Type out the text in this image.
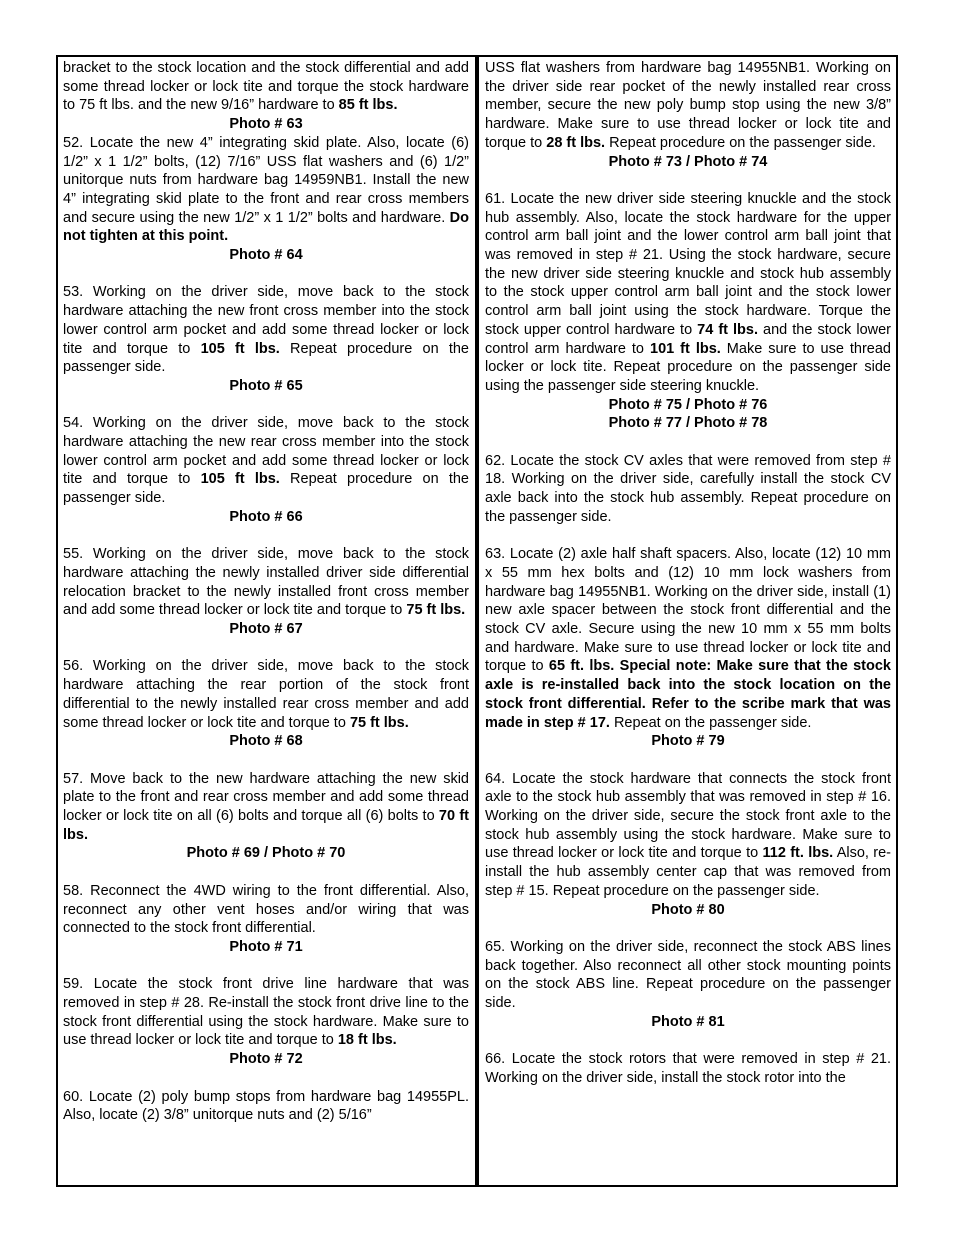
bracket to the stock location and the stock differential and add some thread locker or lock tite and torque the stock hardware to 75 ft lbs. and the new 9/16” hardware to 85 ft lbs.

Photo # 63

52. Locate the new 4” integrating skid plate. Also, locate (6) 1/2” x 1 1/2” bolts, (12) 7/16” USS flat washers and (6) 1/2” unitorque nuts from hardware bag 14959NB1. Install the new 4” integrating skid plate to the front and rear cross members and secure using the new 1/2” x 1 1/2” bolts and hardware. Do not tighten at this point.

Photo # 64

53. Working on the driver side, move back to the stock hardware attaching the new front cross member into the stock lower control arm pocket and add some thread locker or lock tite and torque to 105 ft lbs. Repeat procedure on the passenger side.

Photo # 65

54. Working on the driver side, move back to the stock hardware attaching the new rear cross member into the stock lower control arm pocket and add some thread locker or lock tite and torque to 105 ft lbs. Repeat procedure on the passenger side.

Photo # 66

55. Working on the driver side, move back to the stock hardware attaching the newly installed driver side differential relocation bracket to the newly installed front cross member and add some thread locker or lock tite and torque to 75 ft lbs.

Photo # 67

56. Working on the driver side, move back to the stock hardware attaching the rear portion of the stock front differential to the newly installed rear cross member and add some thread locker or lock tite and torque to 75 ft lbs.

Photo # 68

57. Move back to the new hardware attaching the new skid plate to the front and rear cross member and add some thread locker or lock tite on all (6) bolts and torque all (6) bolts to 70 ft lbs.

Photo # 69 / Photo # 70

58. Reconnect the 4WD wiring to the front differential. Also, reconnect any other vent hoses and/or wiring that was connected to the stock front differential.

Photo # 71

59. Locate the stock front drive line hardware that was removed in step # 28. Re-install the stock front drive line to the stock front differential using the stock hardware. Make sure to use thread locker or lock tite and torque to 18 ft lbs.

Photo # 72

60. Locate (2) poly bump stops from hardware bag 14955PL. Also, locate (2) 3/8” unitorque nuts and (2) 5/16”

USS flat washers from hardware bag 14955NB1. Working on the driver side rear pocket of the newly installed rear cross member, secure the new poly bump stop using the new 3/8” hardware. Make sure to use thread locker or lock tite and torque to 28 ft lbs. Repeat procedure on the passenger side.

Photo # 73 / Photo # 74

61. Locate the new driver side steering knuckle and the stock hub assembly. Also, locate the stock hardware for the upper control arm ball joint and the lower control arm ball joint that was removed in step # 21. Using the stock hardware, secure the new driver side steering knuckle and stock hub assembly to the stock upper control arm ball joint and the stock lower control arm ball joint using the stock hardware. Torque the stock upper control hardware to 74 ft lbs. and the stock lower control arm hardware to 101 ft lbs. Make sure to use thread locker or lock tite. Repeat procedure on the passenger side using the passenger side steering knuckle.

Photo # 75 / Photo # 76

Photo # 77 / Photo # 78

62. Locate the stock CV axles that were removed from step # 18. Working on the driver side, carefully install the stock CV axle back into the stock hub assembly. Repeat procedure on the passenger side.

63. Locate (2) axle half shaft spacers. Also, locate (12) 10 mm x 55 mm hex bolts and (12) 10 mm lock washers from hardware bag 14955NB1. Working on the driver side, install (1) new axle spacer between the stock front differential and the stock CV axle. Secure using the new 10 mm x 55 mm bolts and hardware. Make sure to use thread locker or lock tite and torque to 65 ft. lbs. Special note: Make sure that the stock axle is re-installed back into the stock location on the stock front differential. Refer to the scribe mark that was made in step # 17. Repeat on the passenger side.

Photo # 79

64. Locate the stock hardware that connects the stock front axle to the stock hub assembly that was removed in step # 16. Working on the driver side, secure the stock front axle to the stock hub assembly using the stock hardware. Make sure to use thread locker or lock tite and torque to 112 ft. lbs. Also, re-install the hub assembly center cap that was removed from step # 15. Repeat procedure on the passenger side.

Photo # 80

65. Working on the driver side, reconnect the stock ABS lines back together. Also reconnect all other stock mounting points on the stock ABS line. Repeat procedure on the passenger side.

Photo # 81

66. Locate the stock rotors that were removed in step # 21. Working on the driver side, install the stock rotor into the
